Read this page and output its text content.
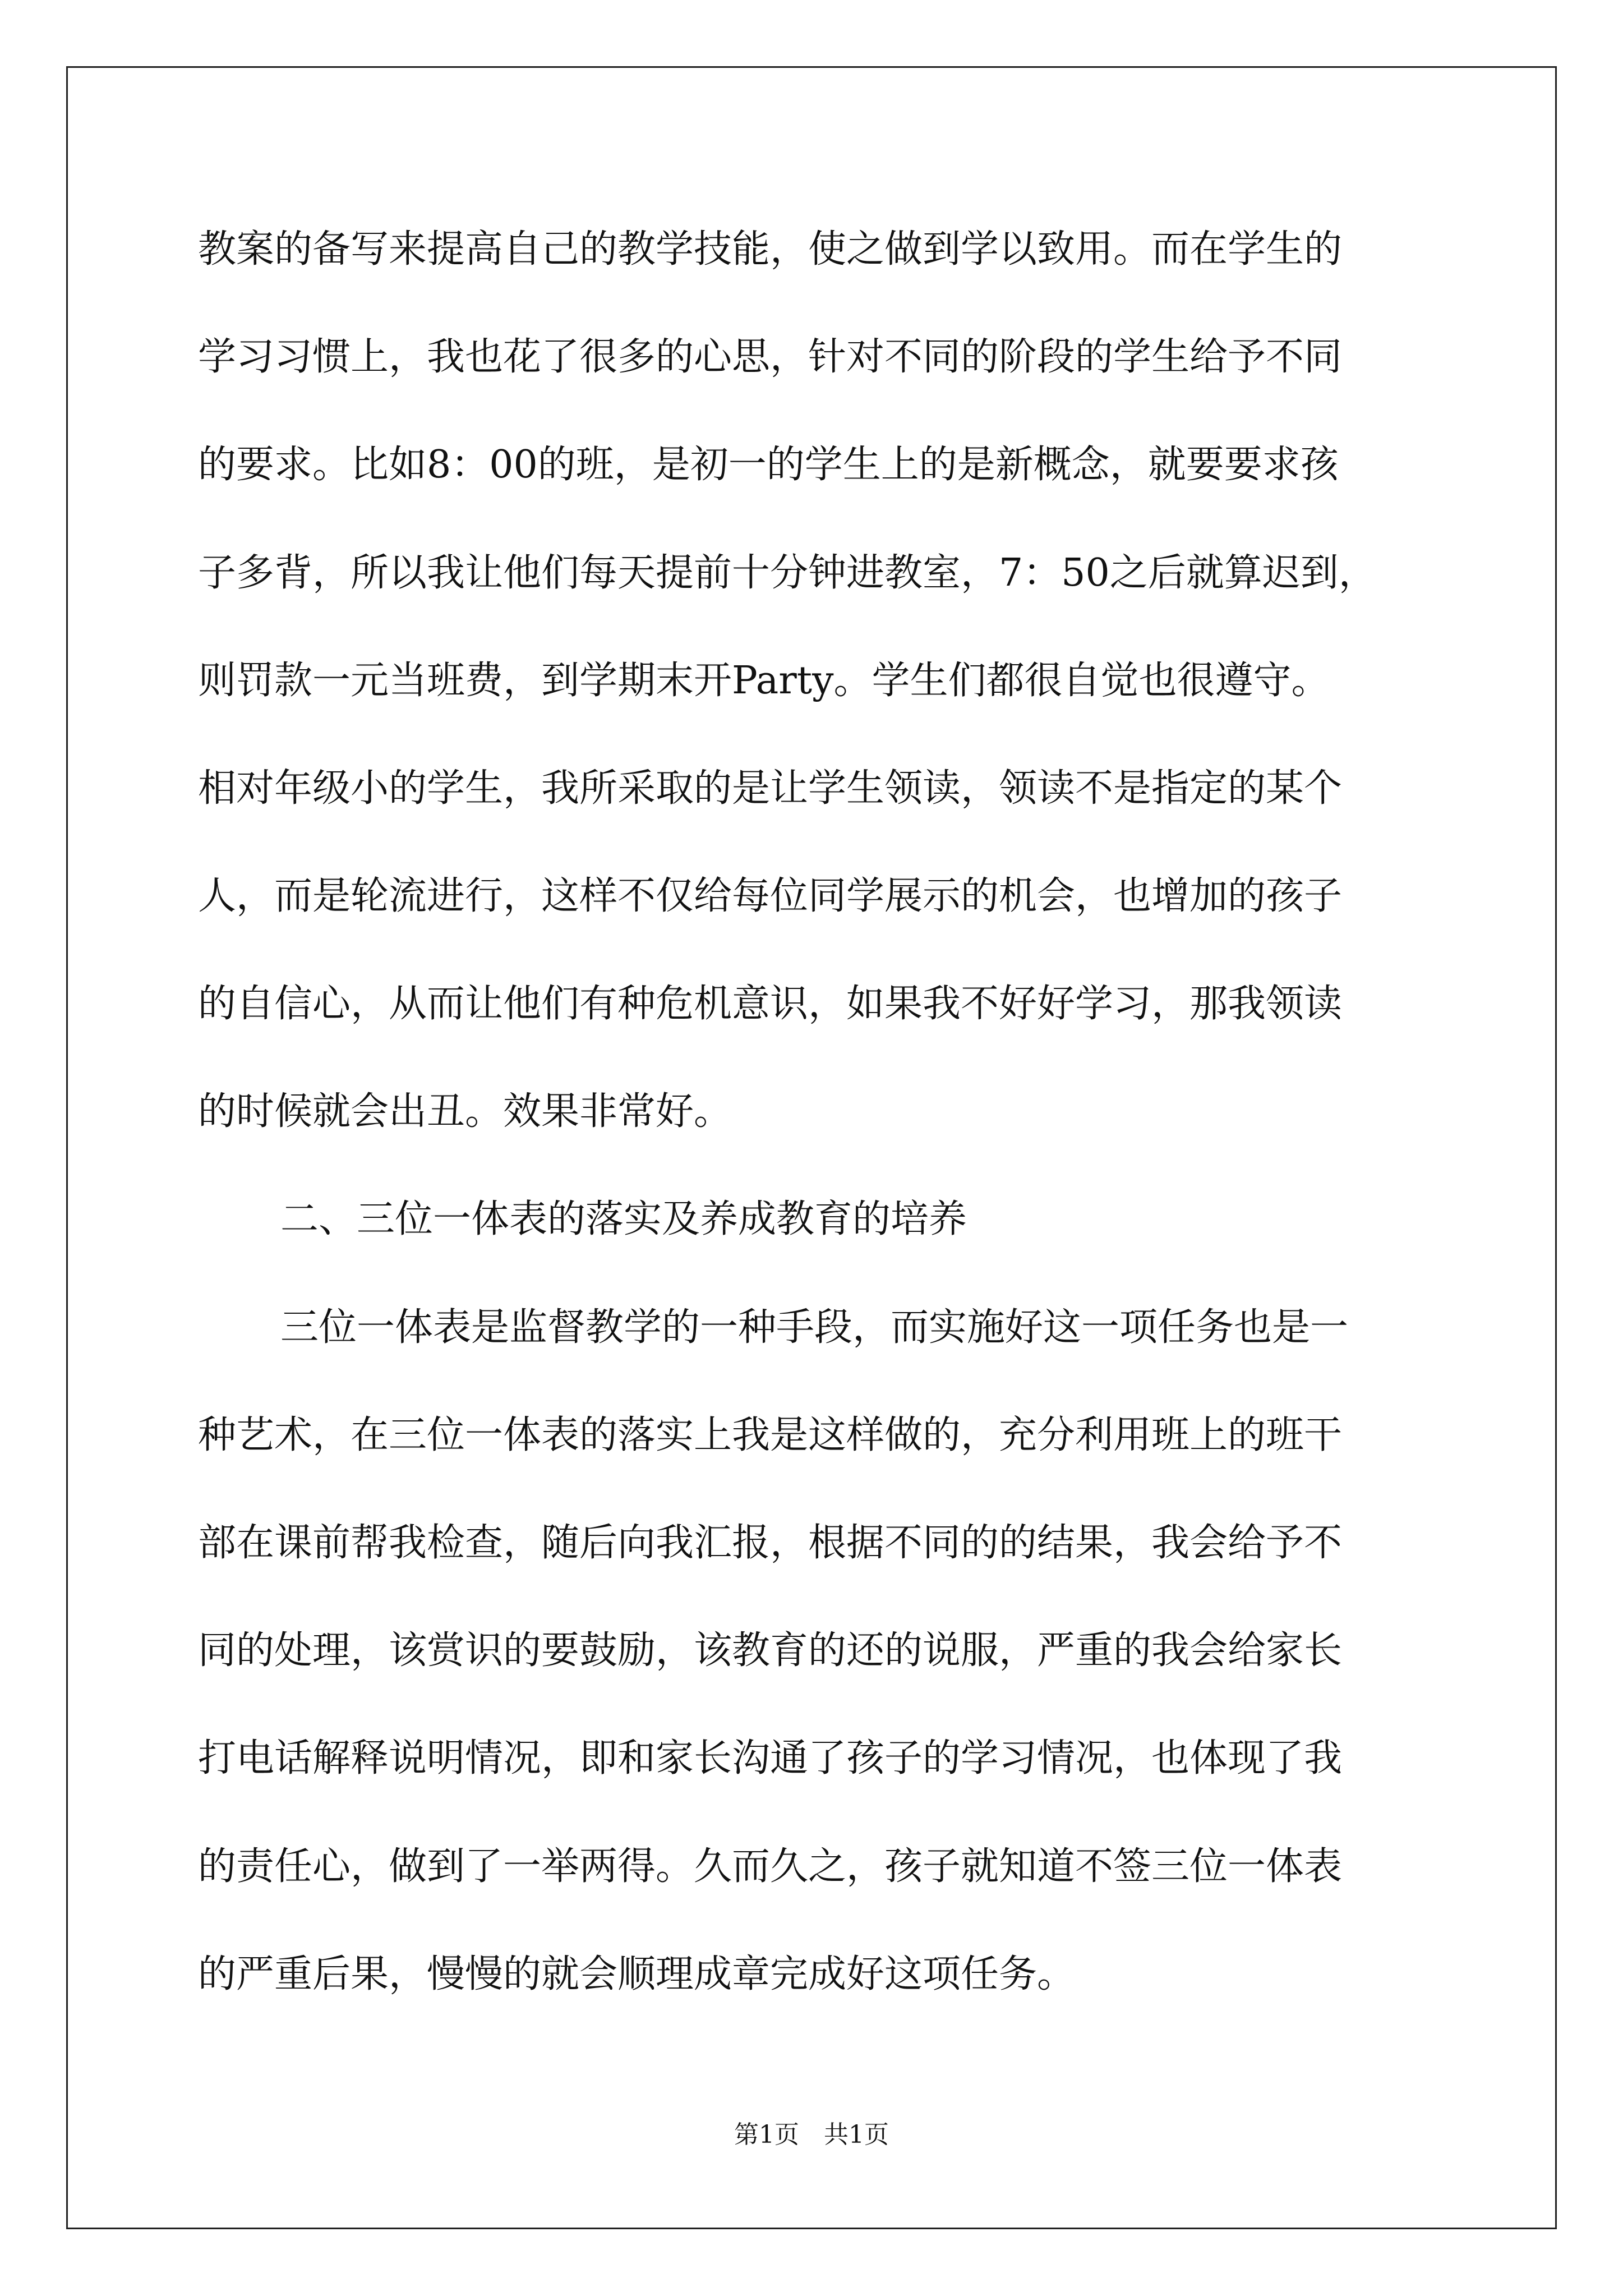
教案的备写来提高自己的教学技能，使之做到学以致用。而在学生的

学习习惯上，我也花了很多的心思，针对不同的阶段的学生给予不同

的要求。比如8：00的班，是初一的学生上的是新概念，就要要求孩

子多背，所以我让他们每天提前十分钟进教室，7：50之后就算迟到，

则罚款一元当班费，到学期末开Party。学生们都很自觉也很遵守。

相对年级小的学生，我所采取的是让学生领读，领读不是指定的某个

人，而是轮流进行，这样不仅给每位同学展示的机会，也增加的孩子

的自信心，从而让他们有种危机意识，如果我不好好学习，那我领读

的时候就会出丑。效果非常好。

二、三位一体表的落实及养成教育的培养

三位一体表是监督教学的一种手段，而实施好这一项任务也是一

种艺术，在三位一体表的落实上我是这样做的，充分利用班上的班干

部在课前帮我检查，随后向我汇报，根据不同的的结果，我会给予不

同的处理，该赏识的要鼓励，该教育的还的说服，严重的我会给家长

打电话解释说明情况，即和家长沟通了孩子的学习情况，也体现了我

的责任心，做到了一举两得。久而久之，孩子就知道不签三位一体表

的严重后果，慢慢的就会顺理成章完成好这项任务。

第1页　共1页
